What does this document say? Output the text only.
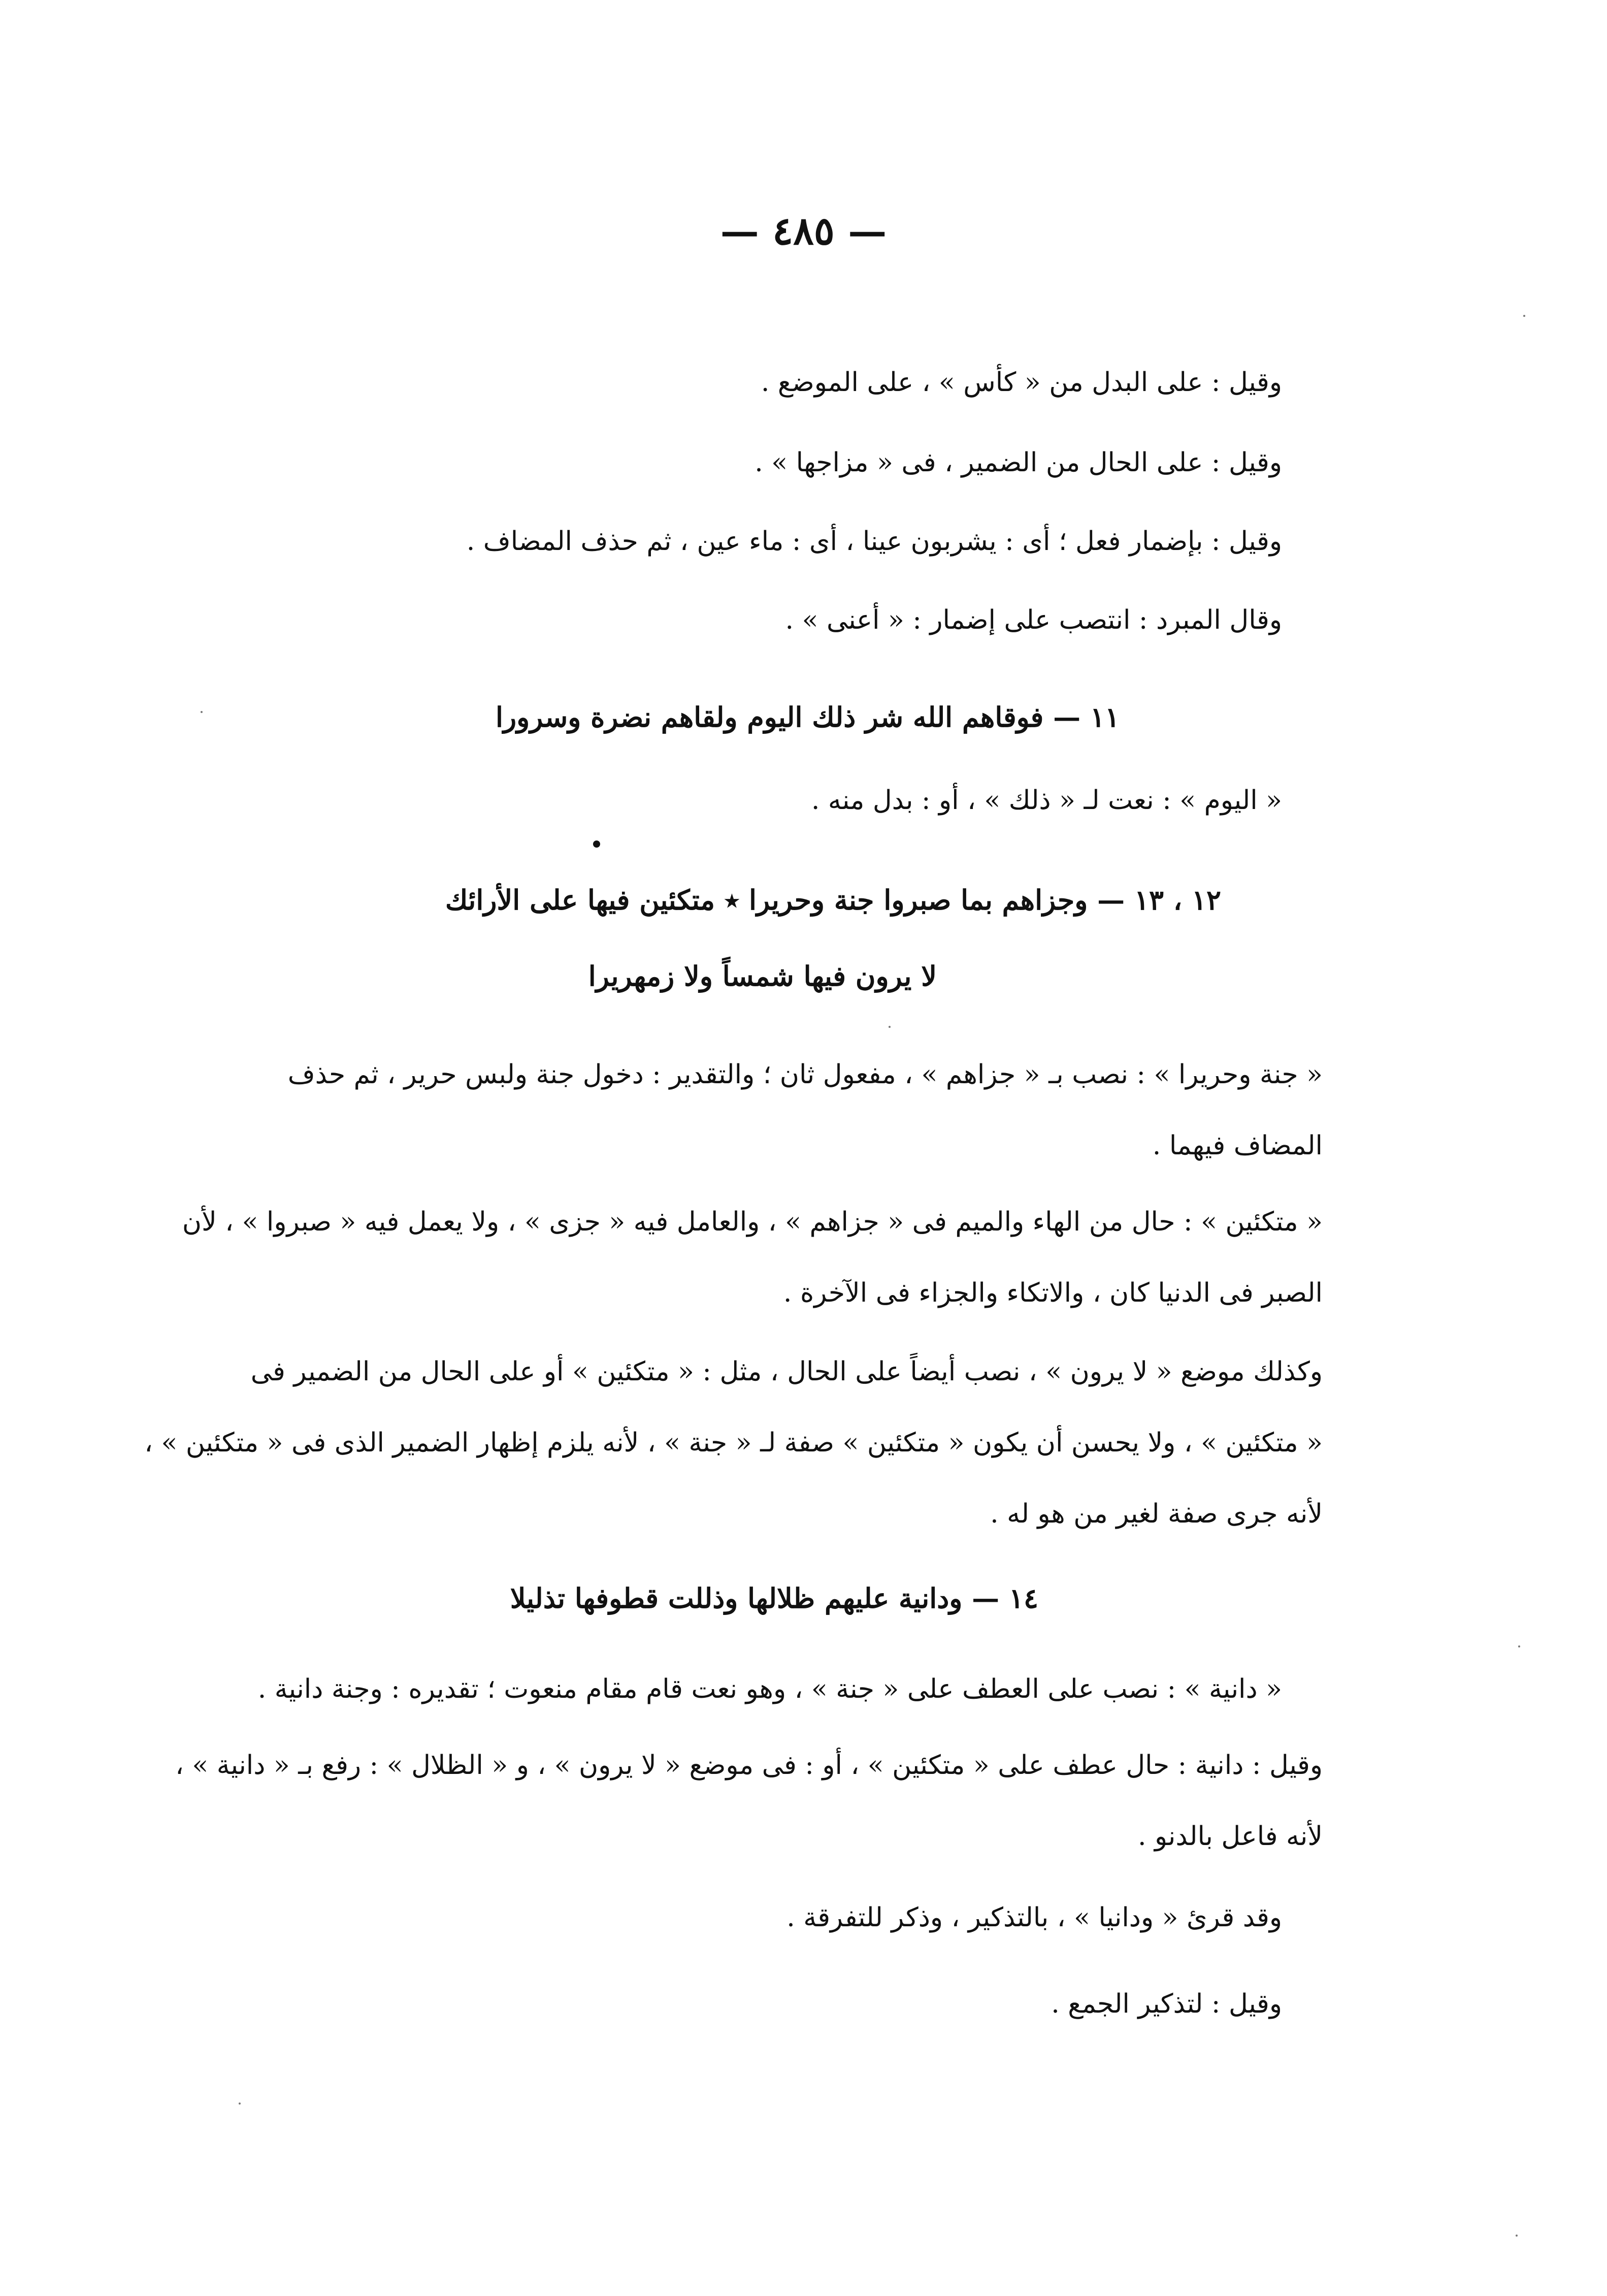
— ٤٨٥ —

وقيل : على البدل من « كأس » ، على الموضع .

وقيل : على الحال من الضمير ، فى « مزاجها » .

وقيل : بإضمار فعل ؛ أى : يشربون عينا ، أى : ماء عين ، ثم حذف المضاف .

وقال المبرد : انتصب على إضمار : « أعنى » .

١١ — فوقاهم الله شر ذلك اليوم ولقاهم نضرة وسرورا

« اليوم » : نعت لـ « ذلك » ، أو : بدل منه .

١٢ ، ١٣ — وجزاهم بما صبروا جنة وحريرا ٭ متكئين فيها على الأرائك

لا يرون فيها شمساً ولا زمهريرا

« جنة وحريرا » : نصب بـ « جزاهم » ، مفعول ثان ؛ والتقدير : دخول جنة ولبس حرير ، ثم حذف

المضاف فيهما .

« متكئين » : حال من الهاء والميم فى « جزاهم » ، والعامل فيه « جزى » ، ولا يعمل فيه « صبروا » ، لأن

الصبر فى الدنيا كان ، والاتكاء والجزاء فى الآخرة .

وكذلك موضع « لا يرون » ، نصب أيضاً على الحال ، مثل : « متكئين » أو على الحال من الضمير فى

« متكئين » ، ولا يحسن أن يكون « متكئين » صفة لـ « جنة » ، لأنه يلزم إظهار الضمير الذى فى « متكئين » ،

لأنه جرى صفة لغير من هو له .

١٤ — ودانية عليهم ظلالها وذللت قطوفها تذليلا

« دانية » : نصب على العطف على « جنة » ، وهو نعت قام مقام منعوت ؛ تقديره : وجنة دانية .

وقيل : دانية : حال عطف على « متكئين » ، أو : فى موضع « لا يرون » ، و « الظلال » : رفع بـ « دانية » ،

لأنه فاعل بالدنو .

وقد قرئ « ودانيا » ، بالتذكير ، وذكر للتفرقة .

وقيل : لتذكير الجمع .
